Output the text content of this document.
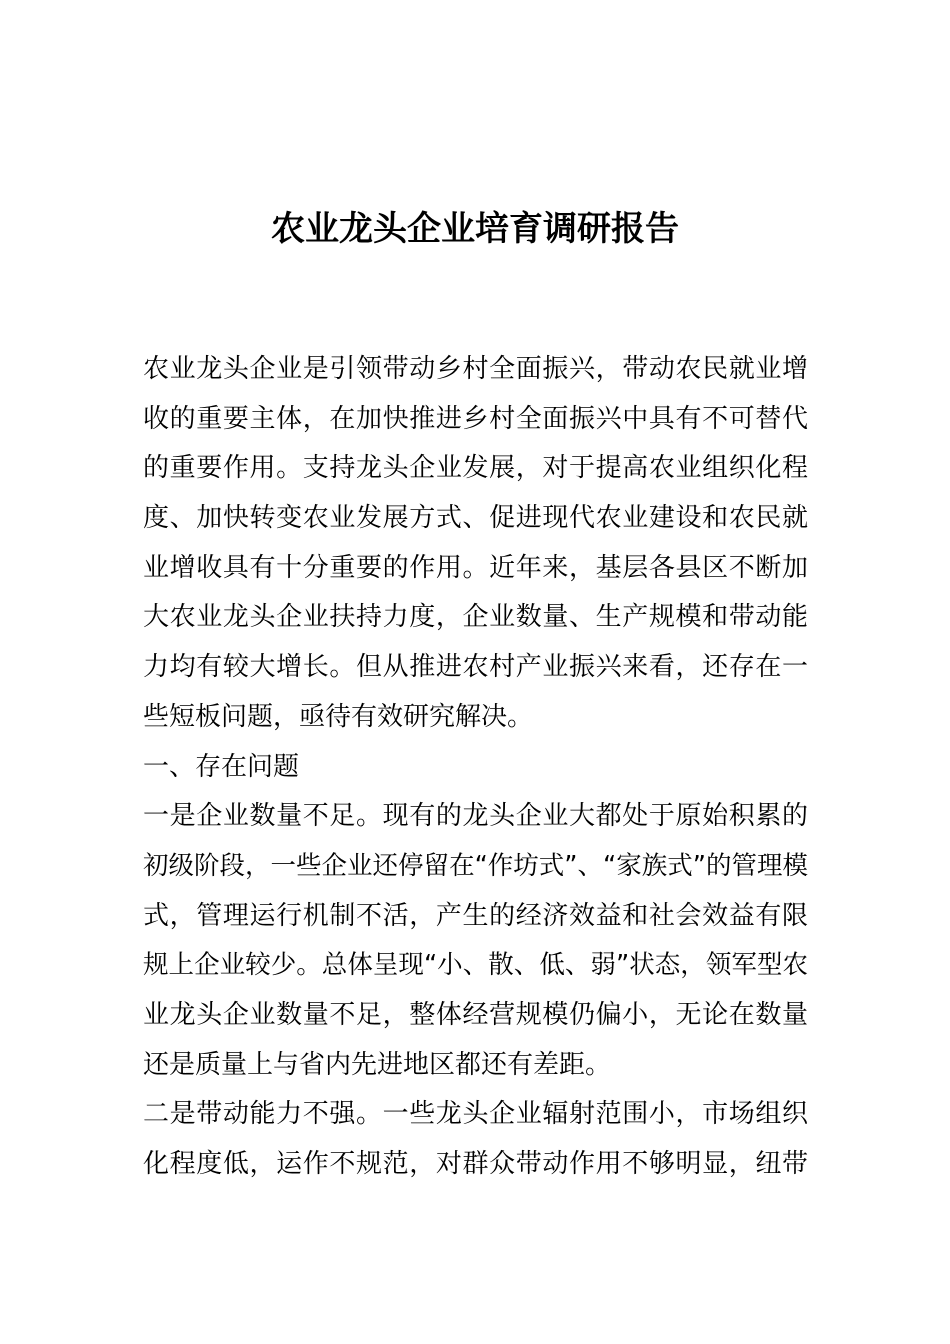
农业龙头企业培育调研报告
农业龙头企业是引领带动乡村全面振兴，带动农民就业增
收的重要主体，在加快推进乡村全面振兴中具有不可替代
的重要作用。支持龙头企业发展，对于提高农业组织化程
度、加快转变农业发展方式、促进现代农业建设和农民就
业增收具有十分重要的作用。近年来，基层各县区不断加
大农业龙头企业扶持力度，企业数量、生产规模和带动能
力均有较大增长。但从推进农村产业振兴来看，还存在一
些短板问题，亟待有效研究解决。
一、存在问题
一是企业数量不足。现有的龙头企业大都处于原始积累的
初级阶段，一些企业还停留在“作坊式”、“家族式”的管理模
式，管理运行机制不活，产生的经济效益和社会效益有限
规上企业较少。总体呈现“小、散、低、弱”状态，领军型农
业龙头企业数量不足，整体经营规模仍偏小，无论在数量
还是质量上与省内先进地区都还有差距。
二是带动能力不强。一些龙头企业辐射范围小，市场组织
化程度低，运作不规范，对群众带动作用不够明显，纽带
